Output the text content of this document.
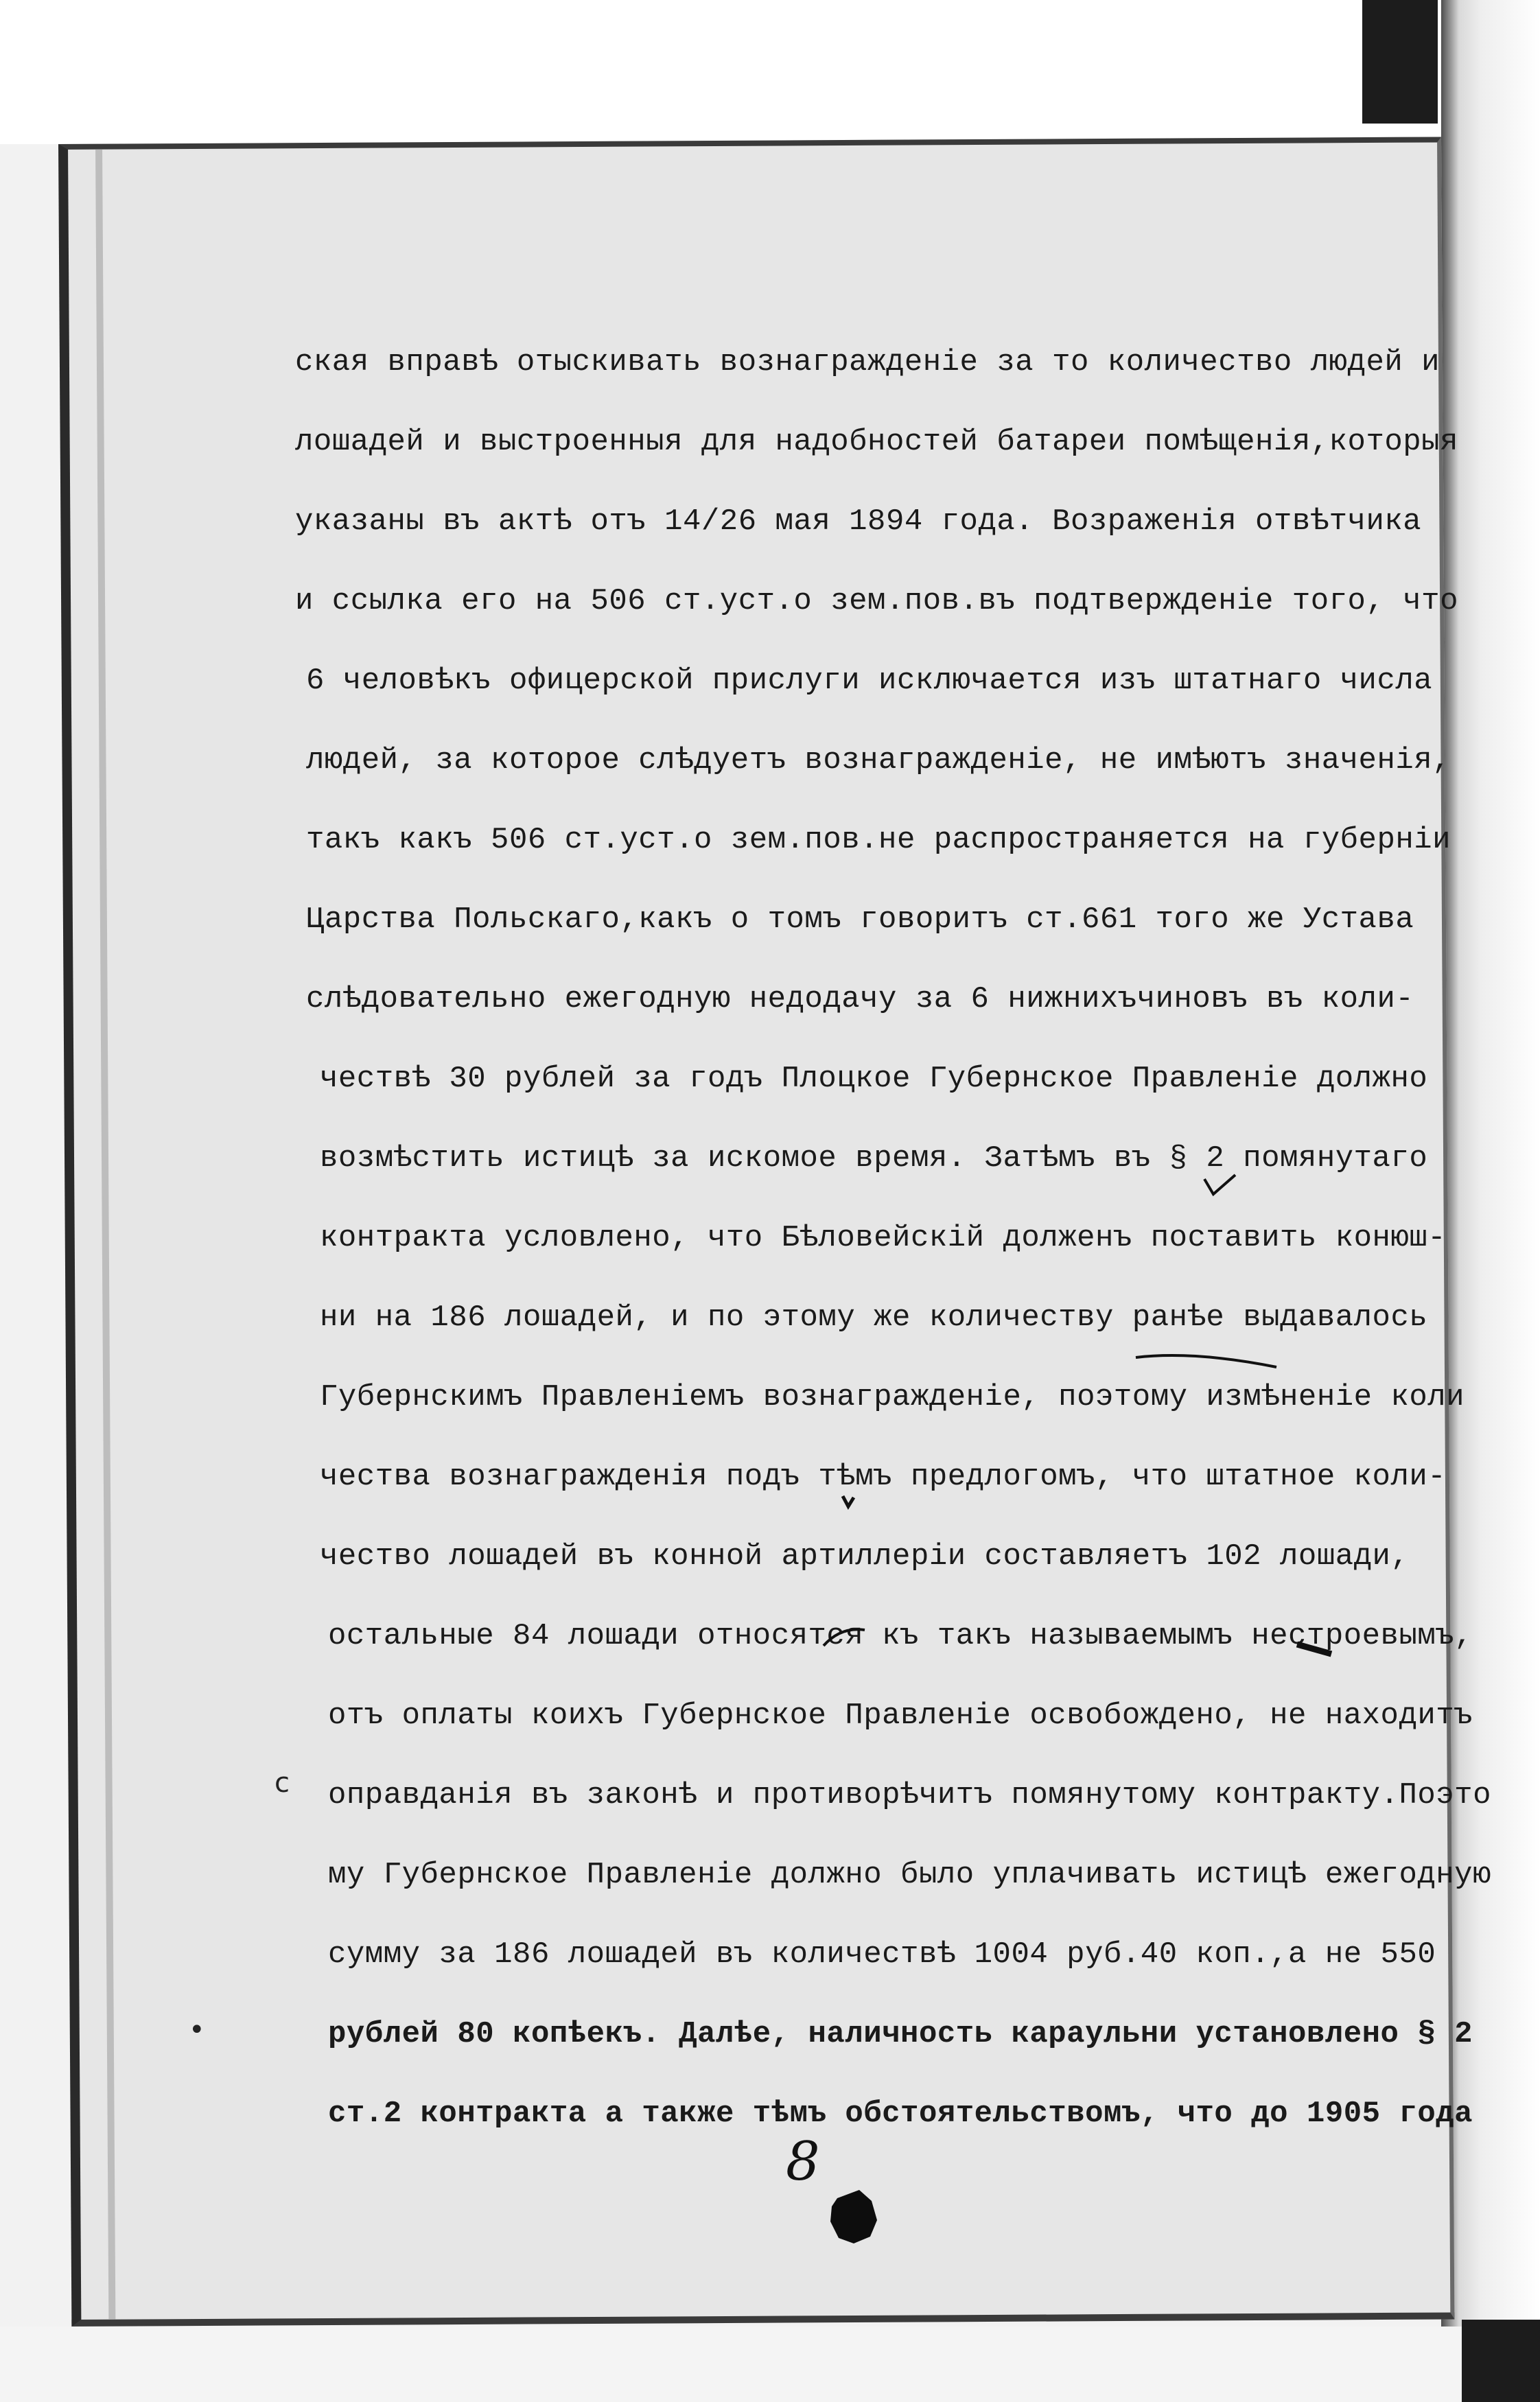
ская вправѣ отыскивать вознагражденіе за то количество людей и
лошадей и выстроенныя для надобностей батареи помѣщенія,которыя
указаны въ актѣ отъ 14/26 мая 1894 года. Возраженія отвѣтчика
и ссылка его на 506 ст.уст.о зем.пов.въ подтвержденіе того, что
6 человѣкъ офицерской прислуги исключается изъ штатнаго числа
людей, за которое слѣдуетъ вознагражденіе, не имѣютъ значенія,
такъ какъ 506 ст.уст.о зем.пов.не распространяется на губерніи
Царства Польскаго,какъ о томъ говоритъ ст.661 того же Устава
слѣдовательно ежегодную недодачу за 6 нижнихъчиновъ въ коли-
чествѣ 30 рублей за годъ Плоцкое Губернское Правленіе должно
возмѣстить истицѣ за искомое время. Затѣмъ въ § 2 помянутаго
контракта условлено, что Бѣловейскій долженъ поставить конюш-
ни на 186 лошадей, и по этому же количеству ранѣе выдавалось
Губернскимъ Правленіемъ вознагражденіе, поэтому измѣненіе коли
чества вознагражденія подъ тѣмъ предлогомъ, что штатное коли-
чество лошадей въ конной артиллеріи составляетъ 102 лошади,
остальные 84 лошади относятся къ такъ называемымъ нестроевымъ,
отъ оплаты коихъ Губернское Правленіе освобождено, не находитъ
оправданія въ законѣ и противорѣчитъ помянутому контракту.Поэто
му Губернское Правленіе должно было уплачивать истицѣ ежегодную
сумму за 186 лошадей въ количествѣ 1004 руб.40 коп.,а не 550
рублей 80 копѣекъ. Далѣе, наличность караульни установлено § 2
ст.2 контракта а также тѣмъ обстоятельствомъ, что до 1905 года
с
•
8
